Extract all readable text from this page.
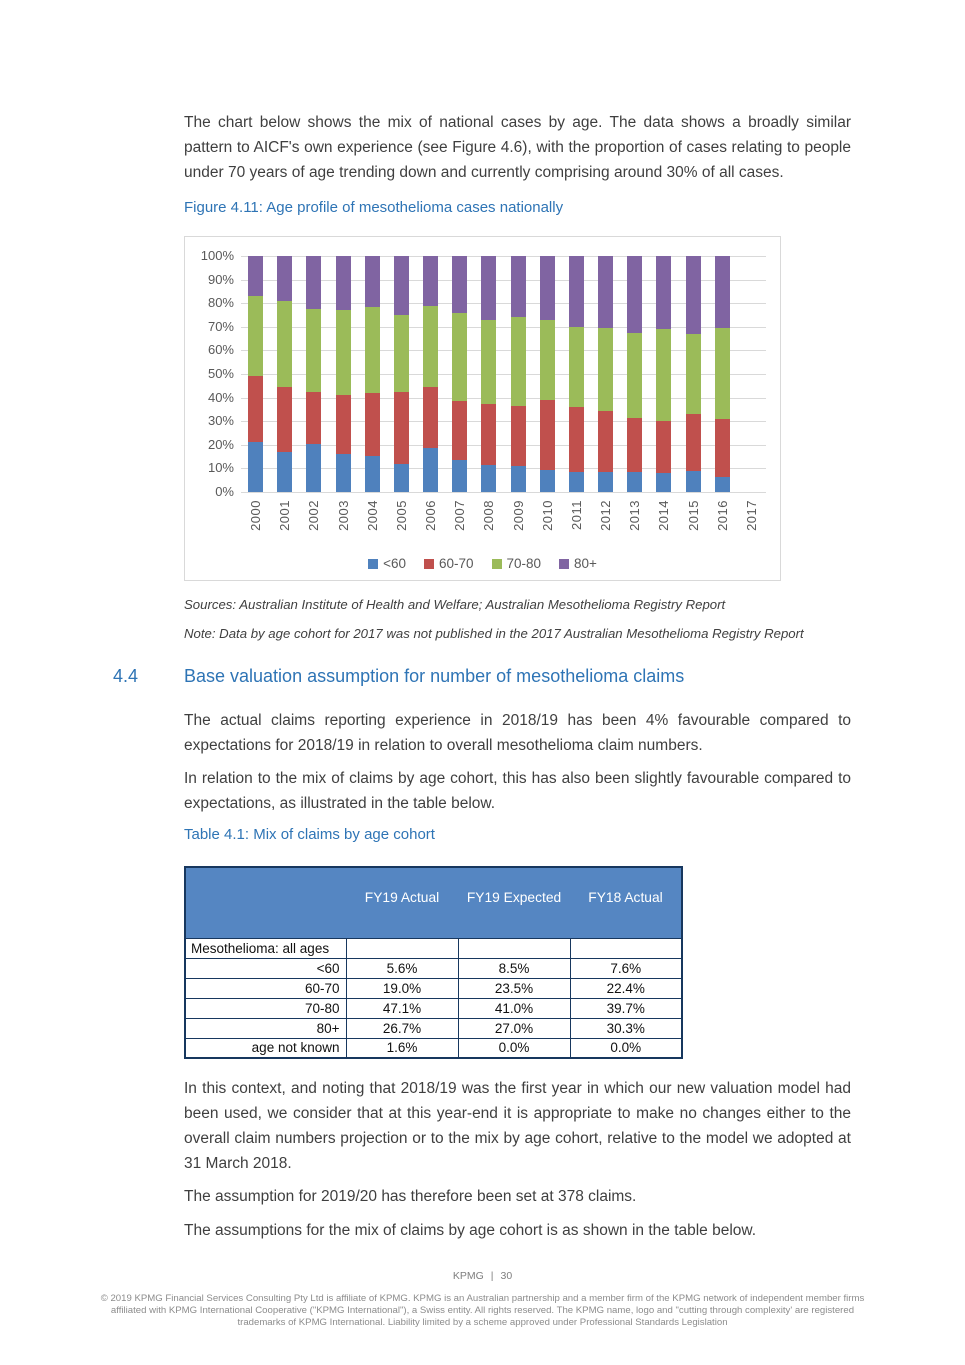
The chart below shows the mix of national cases by age. The data shows a broadly similar pattern to AICF's own experience (see Figure 4.6), with the proportion of cases relating to people under 70 years of age trending down and currently comprising around 30% of all cases.

Figure 4.11: Age profile of mesothelioma cases nationally

0%
10%
20%
30%
40%
50%
60%
70%
80%
90%
100%
2000 2001 2002 2003 2004 2005 2006 2007 2008 2009 2010 2011 2012 2013 2014 2015 2016 2017
<60 60-70 70-80 80+

Sources: Australian Institute of Health and Welfare; Australian Mesothelioma Registry Report

Note: Data by age cohort for 2017 was not published in the 2017 Australian Mesothelioma Registry Report

4.4	Base valuation assumption for number of mesothelioma claims

The actual claims reporting experience in 2018/19 has been 4% favourable compared to expectations for 2018/19 in relation to overall mesothelioma claim numbers.

In relation to the mix of claims by age cohort, this has also been slightly favourable compared to expectations, as illustrated in the table below.

Table 4.1: Mix of claims by age cohort

	FY19 Actual	FY19 Expected	FY18 Actual
Mesothelioma: all ages			
<60	5.6%	8.5%	7.6%
60-70	19.0%	23.5%	22.4%
70-80	47.1%	41.0%	39.7%
80+	26.7%	27.0%	30.3%
age not known	1.6%	0.0%	0.0%

In this context, and noting that 2018/19 was the first year in which our new valuation model had been used, we consider that at this year-end it is appropriate to make no changes either to the overall claim numbers projection or to the mix by age cohort, relative to the model we adopted at 31 March 2018.

The assumption for 2019/20 has therefore been set at 378 claims.

The assumptions for the mix of claims by age cohort is as shown in the table below.

KPMG | 30

© 2019 KPMG Financial Services Consulting Pty Ltd is affiliate of KPMG. KPMG is an Australian partnership and a member firm of the KPMG network of independent member firms affiliated with KPMG International Cooperative ("KPMG International"), a Swiss entity. All rights reserved. The KPMG name, logo and "cutting through complexity' are registered trademarks of KPMG International. Liability limited by a scheme approved under Professional Standards Legislation
